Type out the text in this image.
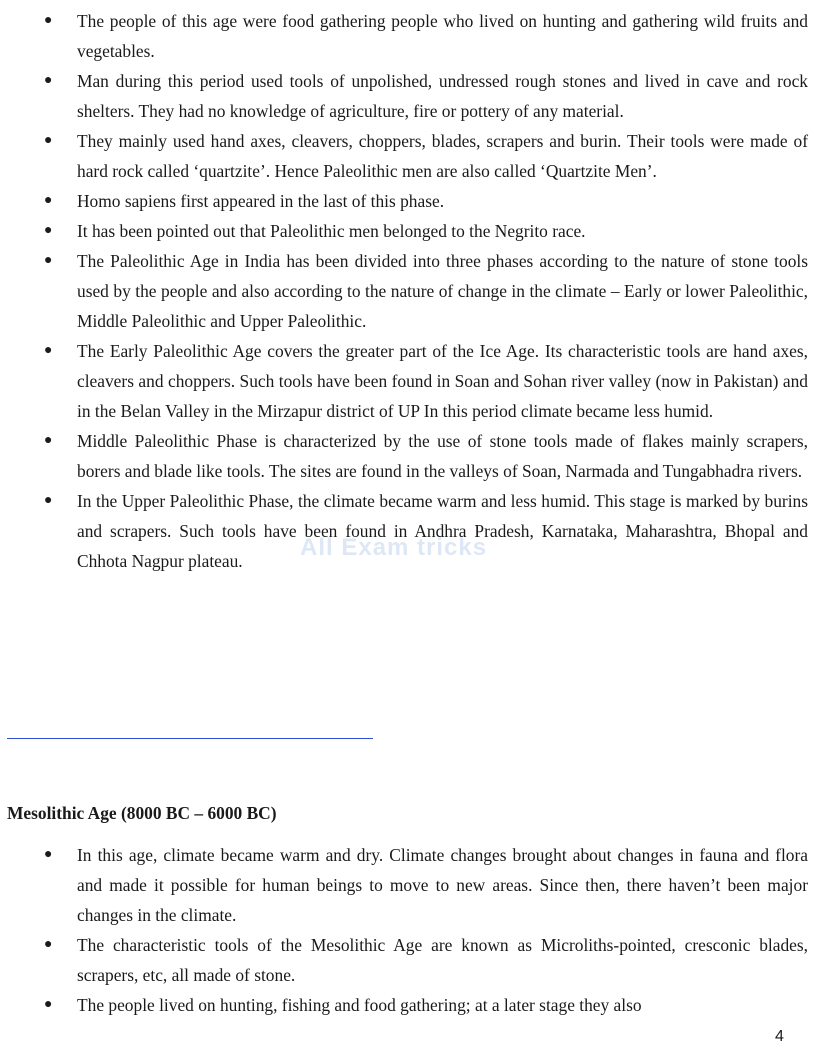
● The people of this age were food gathering people who lived on hunting and gathering wild fruits and vegetables.
● Man during this period used tools of unpolished, undressed rough stones and lived in cave and rock shelters. They had no knowledge of agriculture, fire or pottery of any material.
● They mainly used hand axes, cleavers, choppers, blades, scrapers and burin. Their tools were made of hard rock called ‘quartzite’. Hence Paleolithic men are also called ‘Quartzite Men’.
● Homo sapiens first appeared in the last of this phase.
● It has been pointed out that Paleolithic men belonged to the Negrito race.
● The Paleolithic Age in India has been divided into three phases according to the nature of stone tools used by the people and also according to the nature of change in the climate – Early or lower Paleolithic, Middle Paleolithic and Upper Paleolithic.
● The Early Paleolithic Age covers the greater part of the Ice Age. Its characteristic tools are hand axes, cleavers and choppers. Such tools have been found in Soan and Sohan river valley (now in Pakistan) and in the Belan Valley in the Mirzapur district of UP In this period climate became less humid.
● Middle Paleolithic Phase is characterized by the use of stone tools made of flakes mainly scrapers, borers and blade like tools. The sites are found in the valleys of Soan, Narmada and Tungabhadra rivers.
● In the Upper Paleolithic Phase, the climate became warm and less humid. This stage is marked by burins and scrapers. Such tools have been found in Andhra Pradesh, Karnataka, Maharashtra, Bhopal and Chhota Nagpur plateau.	All Exam tricks
Mesolithic Age (8000 BC – 6000 BC)
● In this age, climate became warm and dry. Climate changes brought about changes in fauna and flora and made it possible for human beings to move to new areas. Since then, there haven’t been major changes in the climate.
● The characteristic tools of the Mesolithic Age are known as Microliths-pointed, cresconic blades, scrapers, etc, all made of stone.
● The people lived on hunting, fishing and food gathering; at a later stage they also
4
